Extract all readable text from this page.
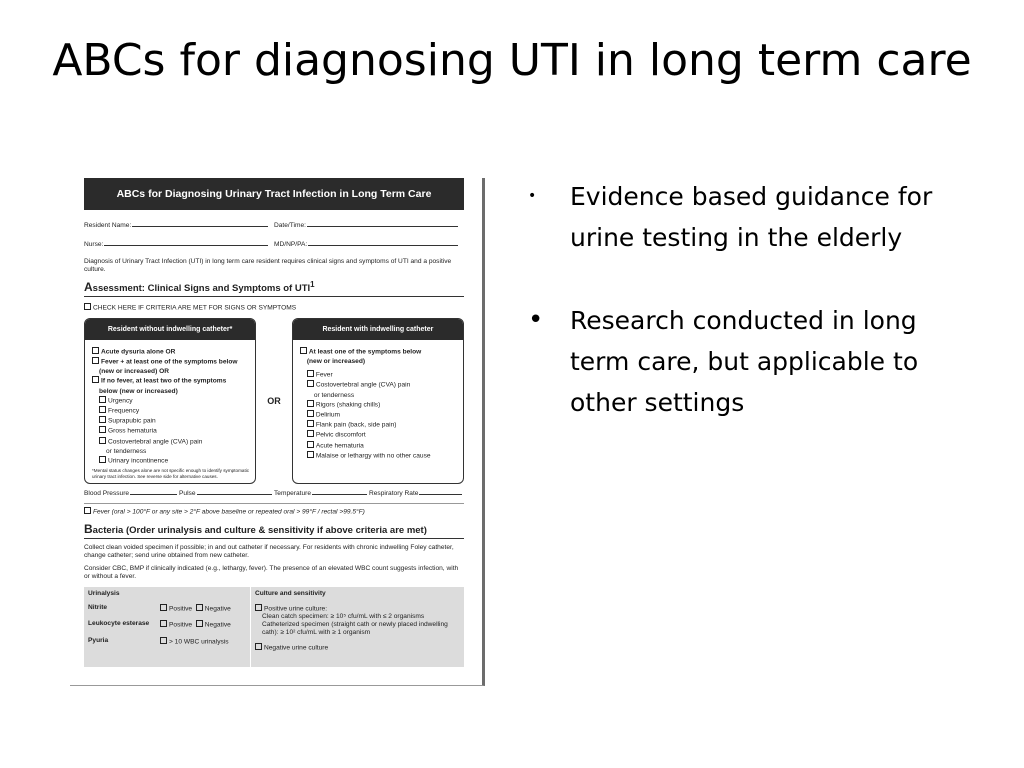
ABCs for diagnosing UTI in long term care
• Evidence based guidance for urine testing in the elderly
• Research conducted in long term care, but applicable to other settings
ABCs for Diagnosing Urinary Tract Infection in Long Term Care
Resident Name:	Date/Time:
Nurse:	MD/NP/PA:
Diagnosis of Urinary Tract Infection (UTI) in long term care resident requires clinical signs and symptoms of UTI and a positive culture.
Assessment: Clinical Signs and Symptoms of UTI$^1$
CHECK HERE IF CRITERIA ARE MET FOR SIGNS OR SYMPTOMS
Resident without indwelling catheter*
Acute dysuria alone OR
Fever + at least one of the symptoms below
(new or increased) OR
If no fever, at least two of the symptoms
below (new or increased)
Urgency
Frequency
Suprapubic pain
Gross hematuria
Costovertebral angle (CVA) pain
or tenderness
Urinary incontinence
*Mental status changes alone are not specific enough to identify symptomatic urinary tract infection. See reverse side for alternative causes.
OR
Resident with indwelling catheter
At least one of the symptoms below
(new or increased)
Fever
Costovertebral angle (CVA) pain
or tenderness
Rigors (shaking chills)
Delirium
Flank pain (back, side pain)
Pelvic discomfort
Acute hematuria
Malaise or lethargy with no other cause
Blood Pressure	Pulse	Temperature	Respiratory Rate
Fever (oral > 100°F or any site > 2°F above baseline or repeated oral > 99°F / rectal >99.5°F)
Bacteria (Order urinalysis and culture & sensitivity if above criteria are met)
Collect clean voided specimen if possible; in and out catheter if necessary. For residents with chronic indwelling Foley catheter, change catheter; send urine obtained from new catheter.
Consider CBC, BMP if clinically indicated (e.g., lethargy, fever). The presence of an elevated WBC count suggests infection, with or without a fever.
Urinalysis
Nitrite	Positive Negative
Leukocyte esterase	Positive Negative
Pyuria	> 10 WBC urinalysis
Culture and sensitivity
Positive urine culture:
Clean catch specimen: ≥ 10⁵ cfu/mL with ≤ 2 organisms
Catheterized specimen (straight cath or newly placed indwelling cath): ≥ 10² cfu/mL with ≥ 1 organism
Negative urine culture
